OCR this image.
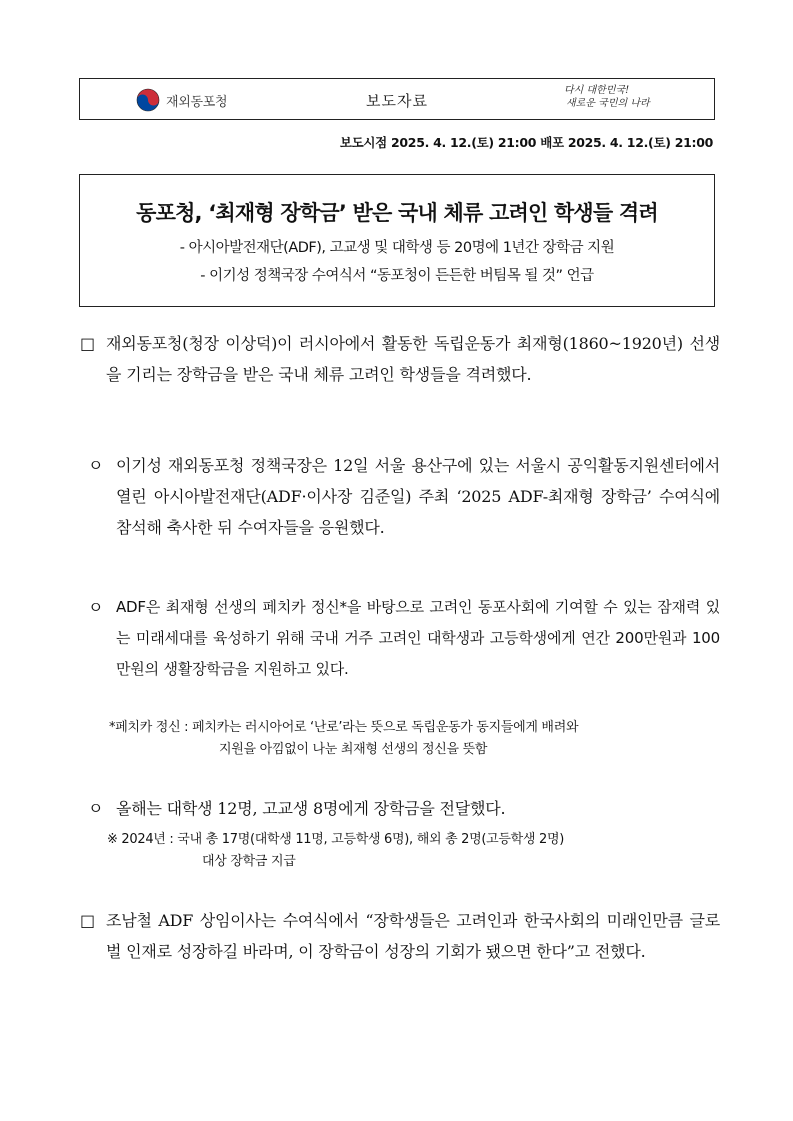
재외동포청	보도자료
다시 대한민국!
새로운 국민의 나라
보도시점 2025. 4. 12.(토) 21:00 배포 2025. 4. 12.(토) 21:00
동포청, ‘최재형 장학금’ 받은 국내 체류 고려인 학생들 격려
- 아시아발전재단(ADF), 고교생 및 대학생 등 20명에 1년간 장학금 지원
- 이기성 정책국장 수여식서 “동포청이 든든한 버팀목 될 것” 언급
□ 재외동포청(청장 이상덕)이 러시아에서 활동한 독립운동가 최재형(1860~1920년) 선생을 기리는 장학금을 받은 국내 체류 고려인 학생들을 격려했다.
ㅇ 이기성 재외동포청 정책국장은 12일 서울 용산구에 있는 서울시 공익활동지원센터에서 열린 아시아발전재단(ADF·이사장 김준일) 주최 ‘2025 ADF-최재형 장학금’ 수여식에 참석해 축사한 뒤 수여자들을 응원했다.
ㅇ ADF은 최재형 선생의 페치카 정신*을 바탕으로 고려인 동포사회에 기여할 수 있는 잠재력 있는 미래세대를 육성하기 위해 국내 거주 고려인 대학생과 고등학생에게 연간 200만원과 100만원의 생활장학금을 지원하고 있다.
*페치카 정신 : 페치카는 러시아어로 ‘난로’라는 뜻으로 독립운동가 동지들에게 배려와
지원을 아낌없이 나눈 최재형 선생의 정신을 뜻함
ㅇ 올해는 대학생 12명, 고교생 8명에게 장학금을 전달했다.
※ 2024년 : 국내 총 17명(대학생 11명, 고등학생 6명), 해외 총 2명(고등학생 2명)
대상 장학금 지급
□ 조남철 ADF 상임이사는 수여식에서 “장학생들은 고려인과 한국사회의 미래인만큼 글로벌 인재로 성장하길 바라며, 이 장학금이 성장의 기회가 됐으면 한다”고 전했다.
